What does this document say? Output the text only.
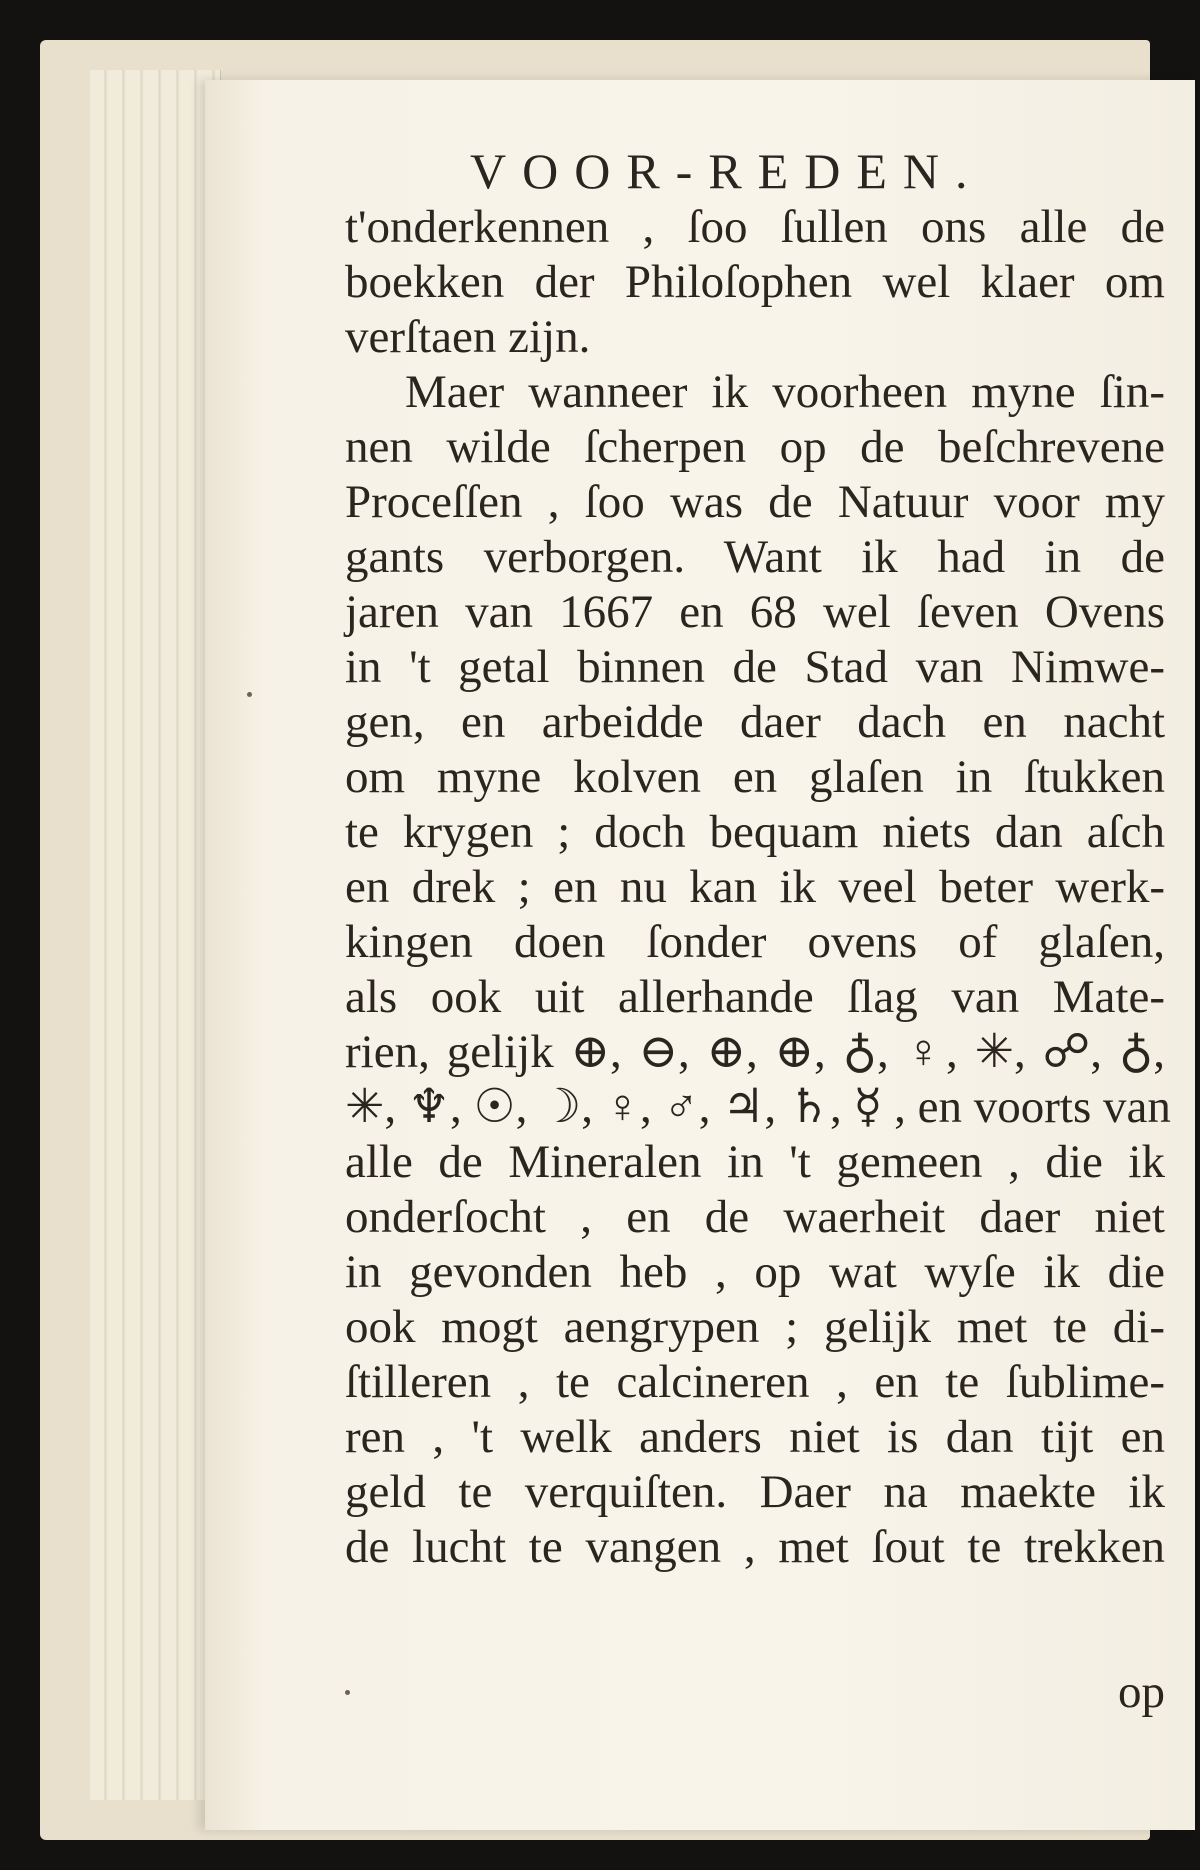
op
VOOR-REDEN.
t'onderkennen , ſoo ſullen ons alle de
boekken der Philoſophen wel klaer om
verſtaen zijn.
Maer wanneer ik voorheen myne ſin-
nen wilde ſcherpen op de beſchrevene
Proceſſen , ſoo was de Natuur voor my
gants verborgen. Want ik had in de
jaren van 1667 en 68 wel ſeven Ovens
in 't getal binnen de Stad van Nimwe-
gen, en arbeidde daer dach en nacht
om myne kolven en glaſen in ſtukken
te krygen ; doch bequam niets dan aſch
en drek ; en nu kan ik veel beter werk-
kingen doen ſonder ovens of glaſen,
als ook uit allerhande ſlag van Mate-
rien, gelijk ⊕, ⊖, ⊕, ⊕, ♁, ♀, ✳, ☍, ♁,
✳, ♆, ☉, ☽, ♀, ♂, ♃, ♄, ☿ , en voorts van
alle de Mineralen in 't gemeen , die ik
onderſocht , en de waerheit daer niet
in gevonden heb , op wat wyſe ik die
ook mogt aengrypen ; gelijk met te di-
ſtilleren , te calcineren , en te ſublime-
ren , 't welk anders niet is dan tijt en
geld te verquiſten. Daer na maekte ik
de lucht te vangen , met ſout te trekken
